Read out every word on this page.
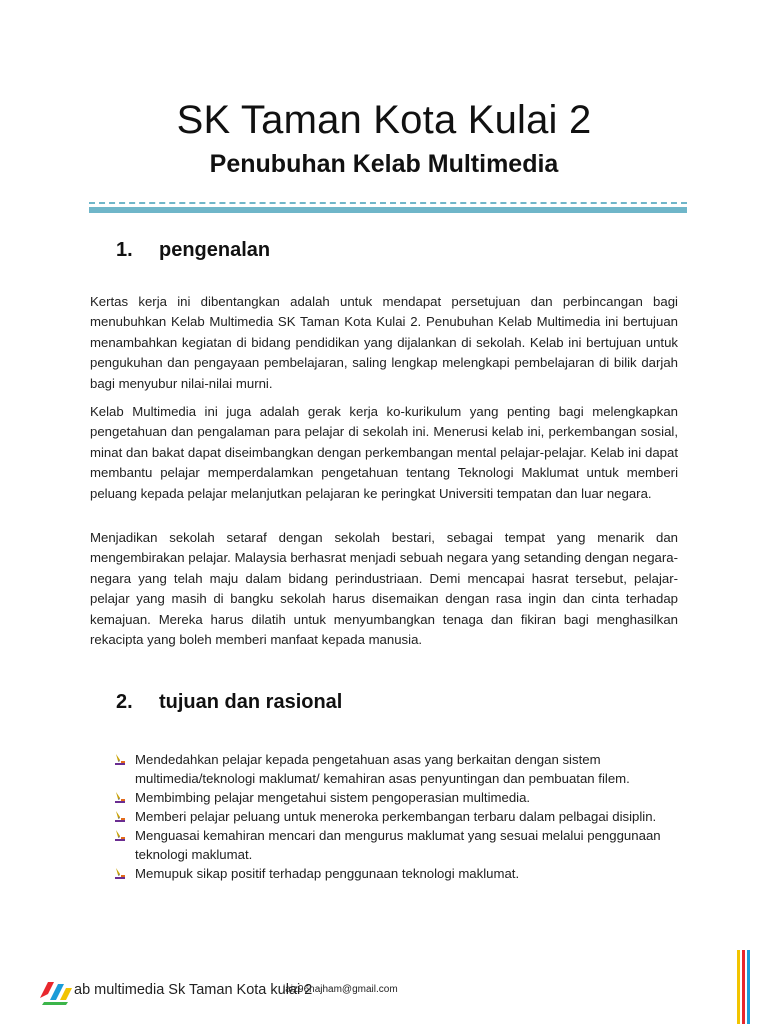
SK Taman Kota Kulai 2
Penubuhan Kelab Multimedia
1. pengenalan

Kertas kerja ini dibentangkan adalah untuk mendapat persetujuan dan perbincangan bagi menubuhkan Kelab Multimedia SK Taman Kota Kulai 2. Penubuhan Kelab Multimedia ini bertujuan menambahkan kegiatan di bidang pendidikan yang dijalankan di sekolah. Kelab ini bertujuan untuk pengukuhan dan pengayaan pembelajaran, saling lengkap melengkapi pembelajaran di bilik darjah bagi menyubur nilai-nilai murni.

Kelab Multimedia ini juga adalah gerak kerja ko-kurikulum yang penting bagi melengkapkan pengetahuan dan pengalaman para pelajar di sekolah ini. Menerusi kelab ini, perkembangan sosial, minat dan bakat dapat diseimbangkan dengan perkembangan mental pelajar-pelajar. Kelab ini dapat membantu pelajar memperdalamkan pengetahuan tentang Teknologi Maklumat untuk memberi peluang kepada pelajar melanjutkan pelajaran ke peringkat Universiti tempatan dan luar negara.

Menjadikan sekolah setaraf dengan sekolah bestari, sebagai tempat yang menarik dan mengembirakan pelajar. Malaysia berhasrat menjadi sebuah negara yang setanding dengan negara-negara yang telah maju dalam bidang perindustriaan. Demi mencapai hasrat tersebut, pelajar-pelajar yang masih di bangku sekolah harus disemaikan dengan rasa ingin dan cinta terhadap kemajuan. Mereka harus dilatih untuk menyumbangkan tenaga dan fikiran bagi menghasilkan rekacipta yang boleh memberi manfaat kepada manusia.

2. tujuan dan rasional
Mendedahkan pelajar kepada pengetahuan asas yang berkaitan dengan sistem multimedia/teknologi maklumat/ kemahiran asas penyuntingan dan pembuatan filem.
Membimbing pelajar mengetahui sistem pengoperasian multimedia.
Memberi pelajar peluang untuk meneroka perkembangan terbaru dalam pelbagai disiplin.
Menguasai kemahiran mencari dan mengurus maklumat yang sesuai melalui penggunaan teknologi maklumat.
Memupuk sikap positif terhadap penggunaan teknologi maklumat.
ab multimedia Sk Taman Kota kulai 2
laiz96najham@gmail.com
